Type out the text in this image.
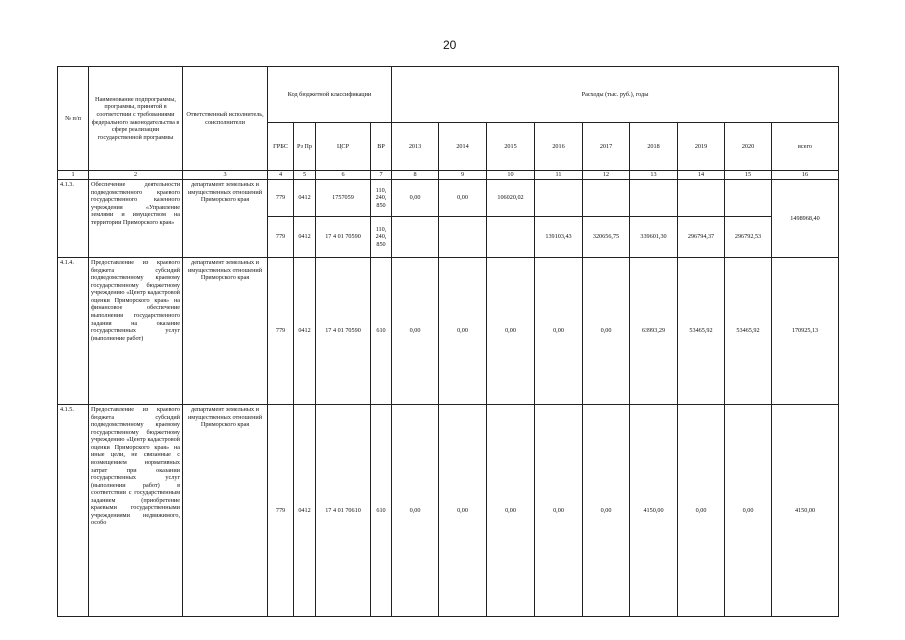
20
№ п/п	Наименование подпрограммы, программы, принятой в соответствии с требованиями федерального законодательства в сфере реализации государственной программы	Ответственный исполнитель, соисполнители	Код бюджетной классификации				Расходы (тыс. руб.), годы								
			ГРБС	Рз Пр	ЦСР	ВР	2013	2014	2015	2016	2017	2018	2019	2020	всего
1	2	3	4	5	6	7	8	9	10	11	12	13	14	15	16
4.1.3.	Обеспечение деятельности подведомственного краевого государственного казенного учреждения «Управление землями и имуществом на территории Приморского края»	департамент земельных и имущественных отношений Приморского края	779	0412	1757059	110, 240, 850	0,00	0,00	106020,02						1498968,40
			779	0412	17 4 01 70590	110, 240, 850				139103,43	320656,75	339601,30	296794,37	296792,53	
4.1.4.	Предоставление из краевого бюджета субсидий подведомственному краевому государственному бюджетному учреждению «Центр кадастровой оценки Приморского края» на финансовое обеспечение выполнения государственного задания на оказание государственных услуг (выполнение работ)	департамент земельных и имущественных отношений Приморского края	779	0412	17 4 01 70590	610	0,00	0,00	0,00	0,00	0,00	63993,29	53465,92	53465,92	170925,13
4.1.5.	Предоставление из краевого бюджета субсидий подведомственному краевому государственному бюджетному учреждению «Центр кадастровой оценки Приморского края» на иные цели, не связанные с возмещением нормативных затрат при оказании государственных услуг (выполнении работ) в соответствии с государственным заданием (приобретение краевыми государственными учреждениями недвижимого, особо	департамент земельных и имущественных отношений Приморского края	779	0412	17 4 01 70610	610	0,00	0,00	0,00	0,00	0,00	4150,00	0,00	0,00	4150,00
